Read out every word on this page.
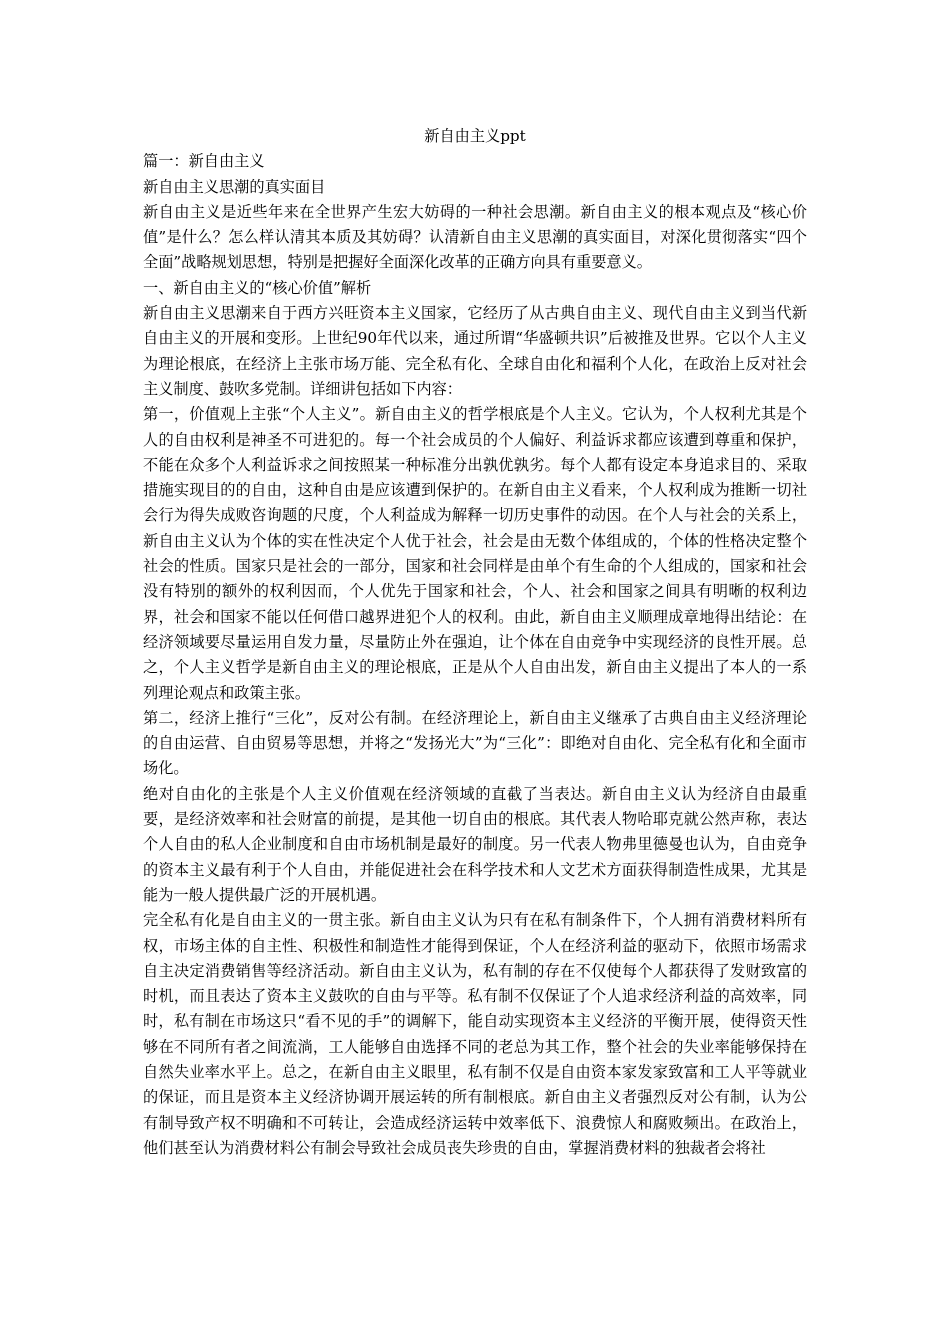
新自由主义ppt
篇一：新自由主义
新自由主义思潮的真实面目
新自由主义是近些年来在全世界产生宏大妨碍的一种社会思潮。新自由主义的根本观点及“核心价值”是什么？怎么样认清其本质及其妨碍？认清新自由主义思潮的真实面目，对深化贯彻落实“四个全面”战略规划思想，特别是把握好全面深化改革的正确方向具有重要意义。
一、新自由主义的“核心价值”解析
新自由主义思潮来自于西方兴旺资本主义国家，它经历了从古典自由主义、现代自由主义到当代新自由主义的开展和变形。上世纪90年代以来，通过所谓“华盛顿共识”后被推及世界。它以个人主义为理论根底，在经济上主张市场万能、完全私有化、全球自由化和福利个人化，在政治上反对社会主义制度、鼓吹多党制。详细讲包括如下内容：
第一，价值观上主张“个人主义”。新自由主义的哲学根底是个人主义。它认为，个人权利尤其是个人的自由权利是神圣不可进犯的。每一个社会成员的个人偏好、利益诉求都应该遭到尊重和保护，不能在众多个人利益诉求之间按照某一种标准分出孰优孰劣。每个人都有设定本身追求目的、采取措施实现目的的自由，这种自由是应该遭到保护的。在新自由主义看来，个人权利成为推断一切社会行为得失成败咨询题的尺度，个人利益成为解释一切历史事件的动因。在个人与社会的关系上，新自由主义认为个体的实在性决定个人优于社会，社会是由无数个体组成的，个体的性格决定整个社会的性质。国家只是社会的一部分，国家和社会同样是由单个有生命的个人组成的，国家和社会没有特别的额外的权利因而，个人优先于国家和社会，个人、社会和国家之间具有明晰的权利边界，社会和国家不能以任何借口越界进犯个人的权利。由此，新自由主义顺理成章地得出结论：在经济领域要尽量运用自发力量，尽量防止外在强迫，让个体在自由竞争中实现经济的良性开展。总之，个人主义哲学是新自由主义的理论根底，正是从个人自由出发，新自由主义提出了本人的一系列理论观点和政策主张。
第二，经济上推行“三化”，反对公有制。在经济理论上，新自由主义继承了古典自由主义经济理论的自由运营、自由贸易等思想，并将之“发扬光大”为“三化”：即绝对自由化、完全私有化和全面市场化。
绝对自由化的主张是个人主义价值观在经济领域的直截了当表达。新自由主义认为经济自由最重要，是经济效率和社会财富的前提，是其他一切自由的根底。其代表人物哈耶克就公然声称，表达个人自由的私人企业制度和自由市场机制是最好的制度。另一代表人物弗里德曼也认为，自由竞争的资本主义最有利于个人自由，并能促进社会在科学技术和人文艺术方面获得制造性成果，尤其是能为一般人提供最广泛的开展机遇。
完全私有化是自由主义的一贯主张。新自由主义认为只有在私有制条件下，个人拥有消费材料所有权，市场主体的自主性、积极性和制造性才能得到保证，个人在经济利益的驱动下，依照市场需求自主决定消费销售等经济活动。新自由主义认为，私有制的存在不仅使每个人都获得了发财致富的时机，而且表达了资本主义鼓吹的自由与平等。私有制不仅保证了个人追求经济利益的高效率，同时，私有制在市场这只“看不见的手”的调解下，能自动实现资本主义经济的平衡开展，使得资天性够在不同所有者之间流淌，工人能够自由选择不同的老总为其工作，整个社会的失业率能够保持在自然失业率水平上。总之，在新自由主义眼里，私有制不仅是自由资本家发家致富和工人平等就业的保证，而且是资本主义经济协调开展运转的所有制根底。新自由主义者强烈反对公有制，认为公有制导致产权不明确和不可转让，会造成经济运转中效率低下、浪费惊人和腐败频出。在政治上，他们甚至认为消费材料公有制会导致社会成员丧失珍贵的自由，掌握消费材料的独裁者会将社
